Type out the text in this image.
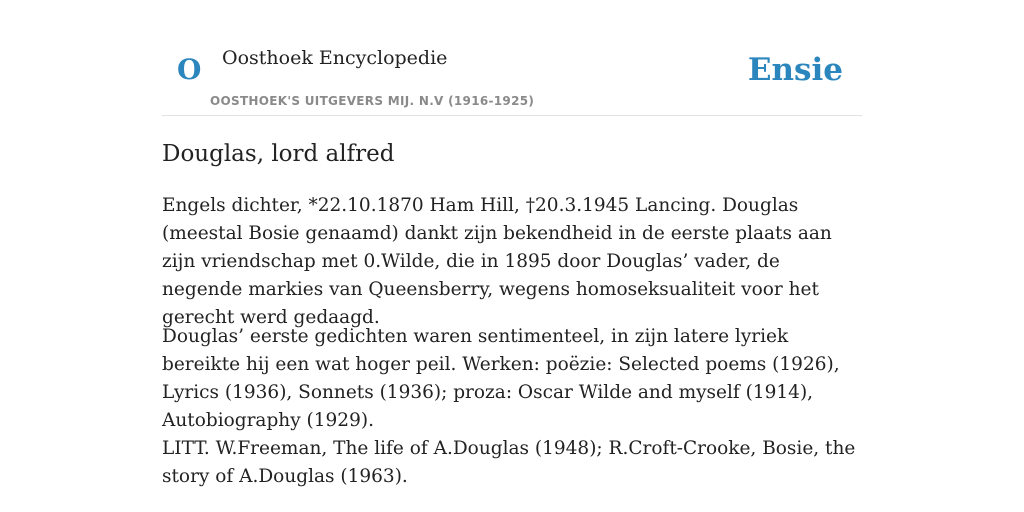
O Oosthoek Encyclopedie
OOSTHOEK'S UITGEVERS MIJ. N.V (1916-1925)
Ensie
Douglas, lord alfred

Engels dichter, *22.10.1870 Ham Hill, †20.3.1945 Lancing. Douglas (meestal Bosie genaamd) dankt zijn bekendheid in de eerste plaats aan zijn vriendschap met 0.Wilde, die in 1895 door Douglas’ vader, de negende markies van Queensberry, wegens homoseksualiteit voor het gerecht werd gedaagd.

Douglas’ eerste gedichten waren sentimenteel, in zijn latere lyriek bereikte hij een wat hoger peil. Werken: poëzie: Selected poems (1926), Lyrics (1936), Sonnets (1936); proza: Oscar Wilde and myself (1914), Autobiography (1929).

LITT. W.Freeman, The life of A.Douglas (1948); R.Croft-Crooke, Bosie, the story of A.Douglas (1963).
